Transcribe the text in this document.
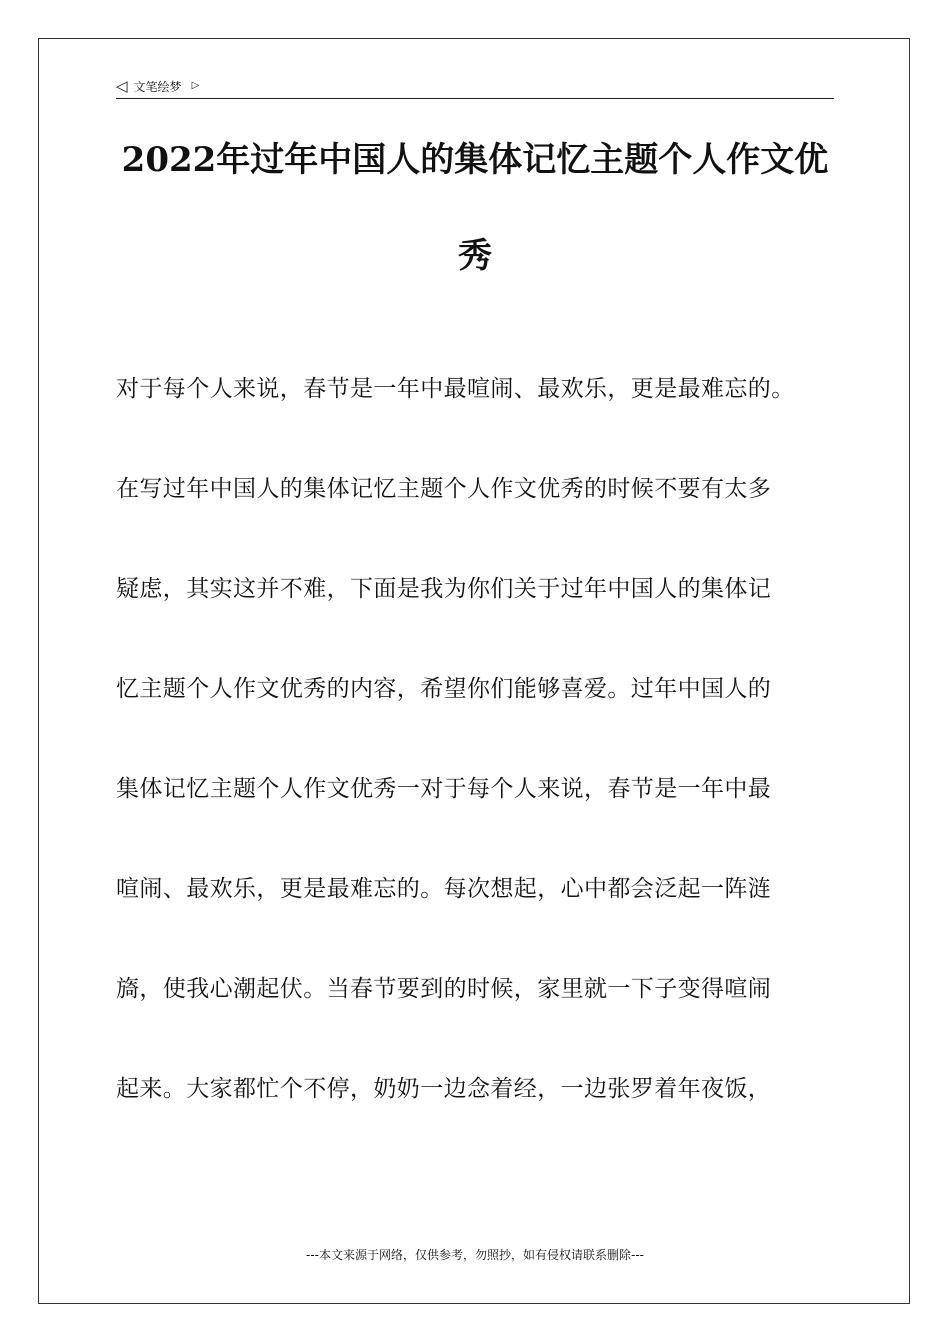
◁ 文笔绘梦 ▷
2022年过年中国人的集体记忆主题个人作文优
秀
对于每个人来说，春节是一年中最喧闹、最欢乐，更是最难忘的。
在写过年中国人的集体记忆主题个人作文优秀的时候不要有太多
疑虑，其实这并不难，下面是我为你们关于过年中国人的集体记
忆主题个人作文优秀的内容，希望你们能够喜爱。过年中国人的
集体记忆主题个人作文优秀一对于每个人来说，春节是一年中最
喧闹、最欢乐，更是最难忘的。每次想起，心中都会泛起一阵涟
旖，使我心潮起伏。当春节要到的时候，家里就一下子变得喧闹
起来。大家都忙个不停，奶奶一边念着经，一边张罗着年夜饭，
---本文来源于网络，仅供参考，勿照抄，如有侵权请联系删除---
